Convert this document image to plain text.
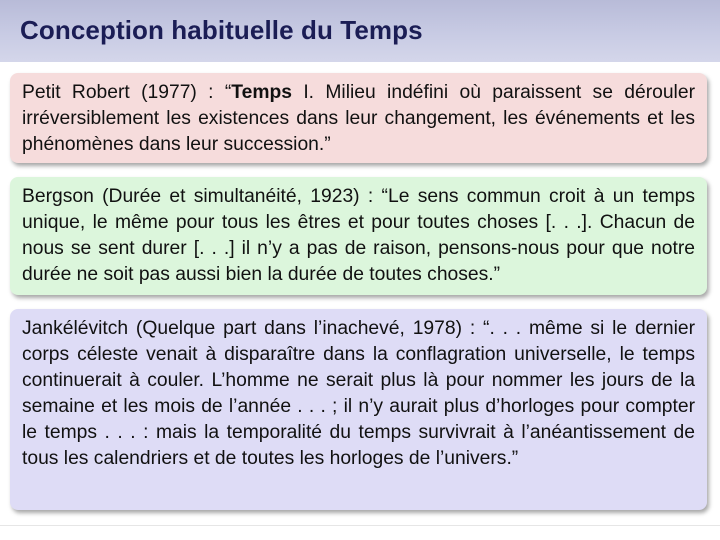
Conception habituelle du Temps
Petit Robert (1977) : “Temps I. Milieu indéfini où paraissent se dérouler irréversiblement les existences dans leur changement, les événements et les phénomènes dans leur succession.”
Bergson (Durée et simultanéité, 1923) : “Le sens commun croit à un temps unique, le même pour tous les êtres et pour toutes choses [. . .]. Chacun de nous se sent durer [. . .] il n’y a pas de raison, pensons-nous pour que notre durée ne soit pas aussi bien la durée de toutes choses.”
Jankélévitch (Quelque part dans l’inachevé, 1978) : “. . . même si le dernier corps céleste venait à disparaître dans la conflagration universelle, le temps continuerait à couler. L’homme ne serait plus là pour nommer les jours de la semaine et les mois de l’année . . . ; il n’y aurait plus d’horloges pour compter le temps . . . : mais la temporalité du temps survivrait à l’anéantissement de tous les calendriers et de toutes les horloges de l’univers.”
